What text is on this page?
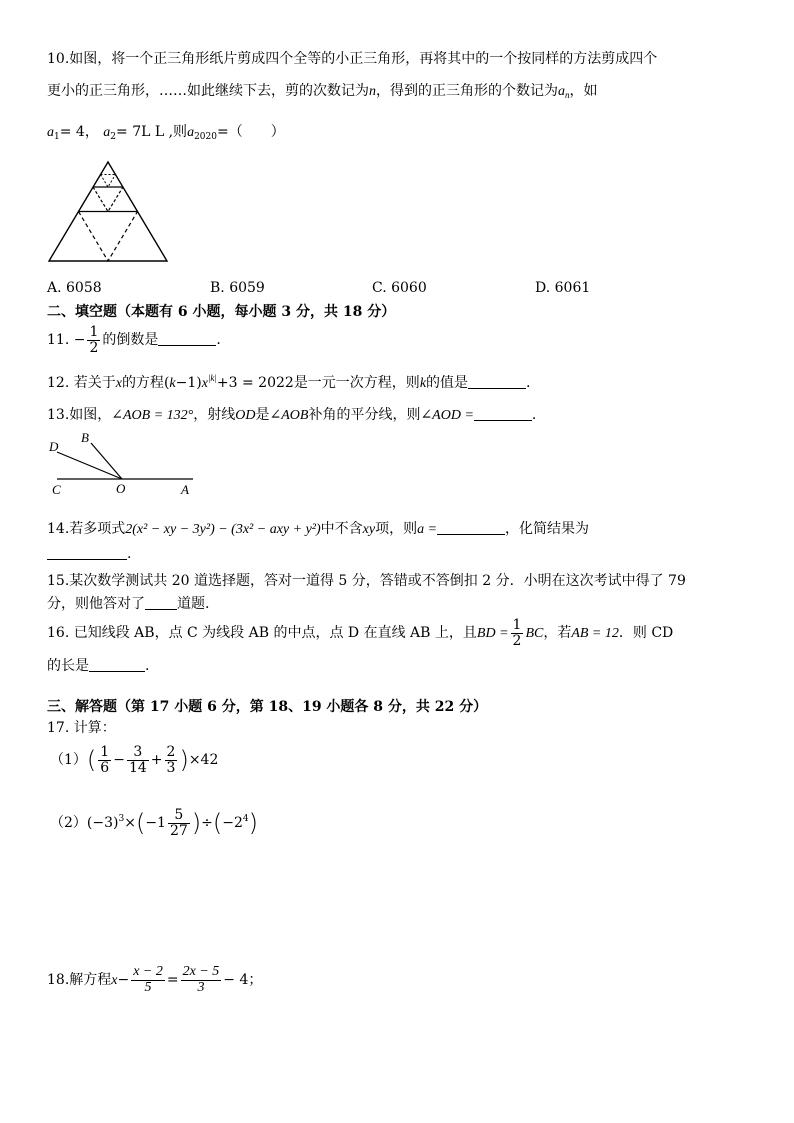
10.如图，将一个正三角形纸片剪成四个全等的小正三角形，再将其中的一个按同样的方法剪成四个
更小的正三角形，……如此继续下去，剪的次数记为n，得到的正三角形的个数记为$a_n$，如
$a_1= 4$， $a_2= 7L$ L ,则$a_{2020}=$（　　）
A. 6058	B. 6059	C. 6060	D. 6061
二、填空题（本题有 6 小题，每小题 3 分，共 18 分）
11. − $\frac{1}{2}$ 的倒数是	.
12. 若关于x的方程$(k-1)x^{|k|}+3 = 2022$是一元一次方程，则k的值是	.
13.如图，∠AOB = 132°，射线OD是∠AOB补角的平分线，则∠AOD =	.
D
B
C	O	A
14.若多项式2(x² − xy − 3y²) − (3x² − axy + y²)中不含xy项，则a =	，化简结果为
.
15.某次数学测试共 20 道选择题，答对一道得 5 分，答错或不答倒扣 2 分．小明在这次考试中得了 79
分，则他答对了 道题.
16. 已知线段 AB，点 C 为线段 AB 的中点，点 D 在直线 AB 上，且BD = $\frac{1}{2}$ BC，若AB = 12．则 CD
的长是	.
三、解答题（第 17 小题 6 分，第 18、19 小题各 8 分，共 22 分）
17. 计算：
$(1)( \frac{1}{6} - \frac{3}{14} + \frac{2}{3} )\times 42$
$(2)(-3)^3\times(-1 \frac{5}{27} )\div(-2^4)$
18.解方程$x- \frac{x - 2}{5} = \frac{2x - 5}{3} - 4$；
